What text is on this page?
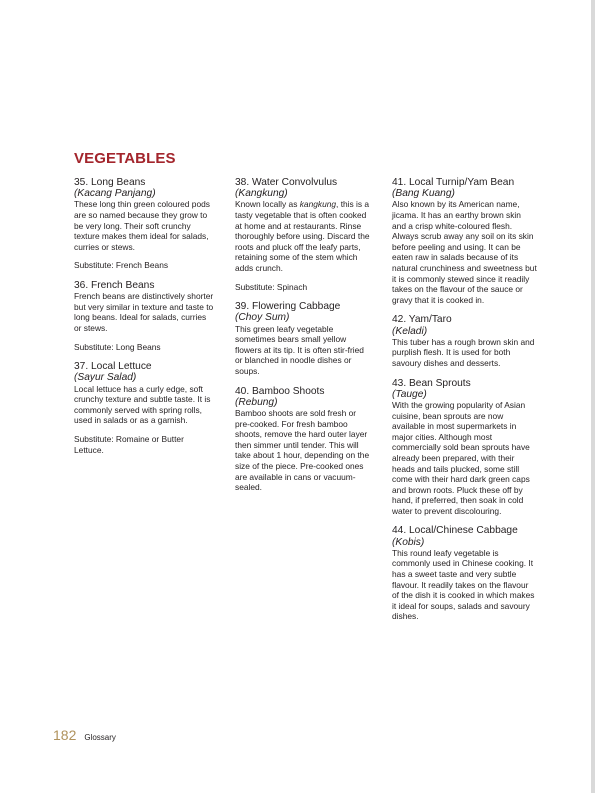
VEGETABLES
35. Long Beans
(Kacang Panjang)
These long thin green coloured pods are so named because they grow to be very long. Their soft crunchy texture makes them ideal for salads, curries or stews.
Substitute: French Beans
36. French Beans
French beans are distinctively shorter but very similar in texture and taste to long beans. Ideal for salads, curries or stews.
Substitute: Long Beans
37. Local Lettuce
(Sayur Salad)
Local lettuce has a curly edge, soft crunchy texture and subtle taste. It is commonly served with spring rolls, used in salads or as a garnish.
Substitute: Romaine or Butter Lettuce.
38. Water Convolvulus
(Kangkung)
Known locally as kangkung, this is a tasty vegetable that is often cooked at home and at restaurants. Rinse thoroughly before using. Discard the roots and pluck off the leafy parts, retaining some of the stem which adds crunch.
Substitute: Spinach
39. Flowering Cabbage
(Choy Sum)
This green leafy vegetable sometimes bears small yellow flowers at its tip. It is often stir-fried or blanched in noodle dishes or soups.
40. Bamboo Shoots
(Rebung)
Bamboo shoots are sold fresh or pre-cooked. For fresh bamboo shoots, remove the hard outer layer then simmer until tender. This will take about 1 hour, depending on the size of the piece. Pre-cooked ones are available in cans or vacuum-sealed.
41. Local Turnip/Yam Bean
(Bang Kuang)
Also known by its American name, jicama. It has an earthy brown skin and a crisp white-coloured flesh. Always scrub away any soil on its skin before peeling and using. It can be eaten raw in salads because of its natural crunchiness and sweetness but it is commonly stewed since it readily takes on the flavour of the sauce or gravy that it is cooked in.
42. Yam/Taro
(Keladi)
This tuber has a rough brown skin and purplish flesh. It is used for both savoury dishes and desserts.
43. Bean Sprouts
(Tauge)
With the growing popularity of Asian cuisine, bean sprouts are now available in most supermarkets in major cities. Although most commercially sold bean sprouts have already been prepared, with their heads and tails plucked, some still come with their hard dark green caps and brown roots. Pluck these off by hand, if preferred, then soak in cold water to prevent discolouring.
44. Local/Chinese Cabbage
(Kobis)
This round leafy vegetable is commonly used in Chinese cooking. It has a sweet taste and very subtle flavour. It readily takes on the flavour of the dish it is cooked in which makes it ideal for soups, salads and savoury dishes.
182 Glossary
